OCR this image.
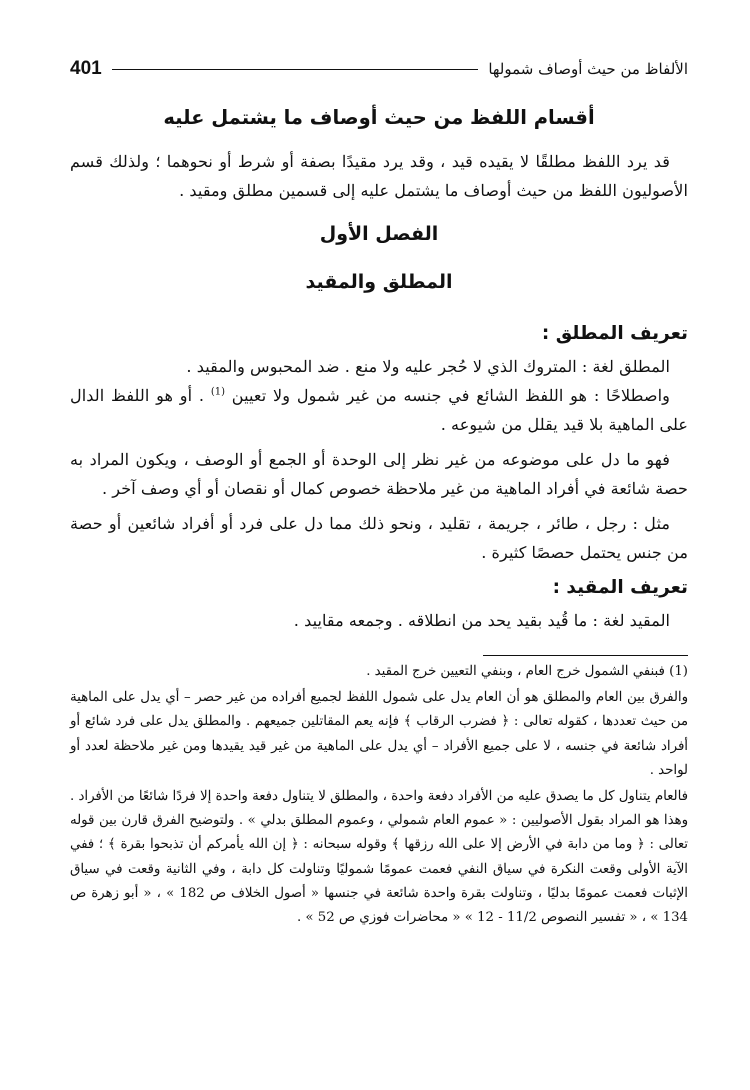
الألفاظ من حيث أوصاف شمولها
401
أقسام اللفظ من حيث أوصاف ما يشتمل عليه

قد يرد اللفظ مطلقًا لا يقيده قيد ، وقد يرد مقيدًا بصفة أو شرط أو نحوهما ؛ ولذلك قسم الأصوليون اللفظ من حيث أوصاف ما يشتمل عليه إلى قسمين مطلق ومقيد .

الفصل الأول
المطلق والمقيد
تعريف المطلق :

المطلق لغة : المتروك الذي لا حُجر عليه ولا منع . ضد المحبوس والمقيد .

واصطلاحًا : هو اللفظ الشائع في جنسه من غير شمول ولا تعيين $^{(1)}$ . أو هو اللفظ الدال على الماهية بلا قيد يقلل من شيوعه .

فهو ما دل على موضوعه من غير نظر إلى الوحدة أو الجمع أو الوصف ، ويكون المراد به حصة شائعة في أفراد الماهية من غير ملاحظة خصوص كمال أو نقصان أو أي وصف آخر .

مثل : رجل ، طائر ، جريمة ، تقليد ، ونحو ذلك مما دل على فرد أو أفراد شائعين أو حصة من جنس يحتمل حصصًا كثيرة .

تعريف المقيد :

المقيد لغة : ما قُيد بقيد يحد من انطلاقه . وجمعه مقاييد .

(1) فبنفي الشمول خرج العام ، وبنفي التعيين خرج المقيد .

والفرق بين العام والمطلق هو أن العام يدل على شمول اللفظ لجميع أفراده من غير حصر – أي يدل على الماهية من حيث تعددها ، كقوله تعالى : ﴿ فضرب الرقاب ﴾ فإنه يعم المقاتلين جميعهم . والمطلق يدل على فرد شائع أو أفراد شائعة في جنسه ، لا على جميع الأفراد – أي يدل على الماهية من غير قيد يقيدها ومن غير ملاحظة لعدد أو لواحد .

فالعام يتناول كل ما يصدق عليه من الأفراد دفعة واحدة ، والمطلق لا يتناول دفعة واحدة إلا فردًا شائعًا من الأفراد . وهذا هو المراد بقول الأصوليين : « عموم العام شمولي ، وعموم المطلق بدلي » . ولتوضيح الفرق قارن بين قوله تعالى : ﴿ وما من دابة في الأرض إلا على الله رزقها ﴾ وقوله سبحانه : ﴿ إن الله يأمركم أن تذبحوا بقرة ﴾ ؛ ففي الآية الأولى وقعت النكرة في سياق النفي فعمت عمومًا شموليًا وتناولت كل دابة ، وفي الثانية وقعت في سياق الإثبات فعمت عمومًا بدليًا ، وتناولت بقرة واحدة شائعة في جنسها « أصول الخلاف ص 182 » ، « أبو زهرة ص 134 » ، « تفسير النصوص 11/2 - 12 » « محاضرات فوزي ص 52 » .
